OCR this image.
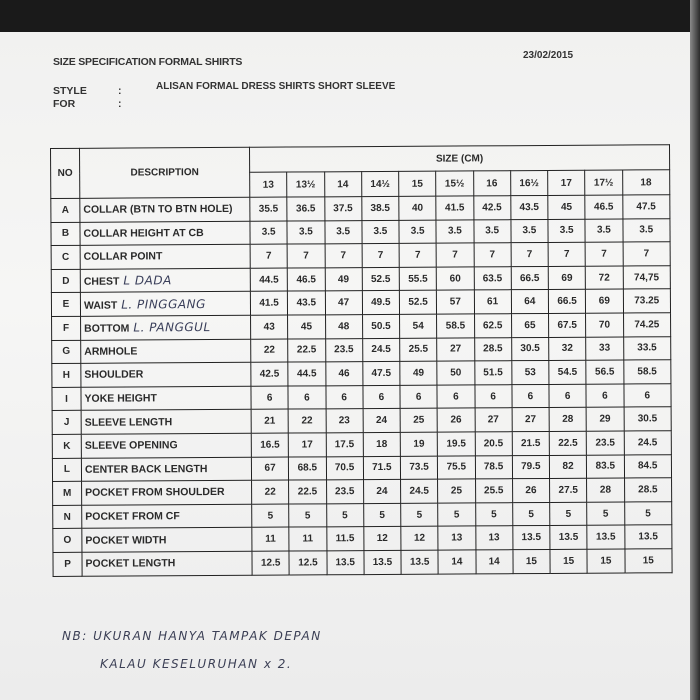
SIZE SPECIFICATION FORMAL SHIRTS
23/02/2015
STYLE	:	ALISAN FORMAL DRESS SHIRTS SHORT SLEEVE
FOR	:
NO	DESCRIPTION	SIZE (CM)										
		13	13½	14	14½	15	15½	16	16½	17	17½	18
A	COLLAR (BTN TO BTN HOLE)	35.5	36.5	37.5	38.5	40	41.5	42.5	43.5	45	46.5	47.5
B	COLLAR HEIGHT AT CB	3.5	3.5	3.5	3.5	3.5	3.5	3.5	3.5	3.5	3.5	3.5
C	COLLAR POINT	7	7	7	7	7	7	7	7	7	7	7
D	CHEST L DADA	44.5	46.5	49	52.5	55.5	60	63.5	66.5	69	72	74,75
E	WAIST L. PINGGANG	41.5	43.5	47	49.5	52.5	57	61	64	66.5	69	73.25
F	BOTTOM L. PANGGUL	43	45	48	50.5	54	58.5	62.5	65	67.5	70	74.25
G	ARMHOLE	22	22.5	23.5	24.5	25.5	27	28.5	30.5	32	33	33.5
H	SHOULDER	42.5	44.5	46	47.5	49	50	51.5	53	54.5	56.5	58.5
I	YOKE HEIGHT	6	6	6	6	6	6	6	6	6	6	6
J	SLEEVE LENGTH	21	22	23	24	25	26	27	27	28	29	30.5
K	SLEEVE OPENING	16.5	17	17.5	18	19	19.5	20.5	21.5	22.5	23.5	24.5
L	CENTER BACK LENGTH	67	68.5	70.5	71.5	73.5	75.5	78.5	79.5	82	83.5	84.5
M	POCKET FROM SHOULDER	22	22.5	23.5	24	24.5	25	25.5	26	27.5	28	28.5
N	POCKET FROM CF	5	5	5	5	5	5	5	5	5	5	5
O	POCKET WIDTH	11	11	11.5	12	12	13	13	13.5	13.5	13.5	13.5
P	POCKET LENGTH	12.5	12.5	13.5	13.5	13.5	14	14	15	15	15	15
NB: UKURAN HANYA TAMPAK DEPAN
KALAU KESELURUHAN x 2.
